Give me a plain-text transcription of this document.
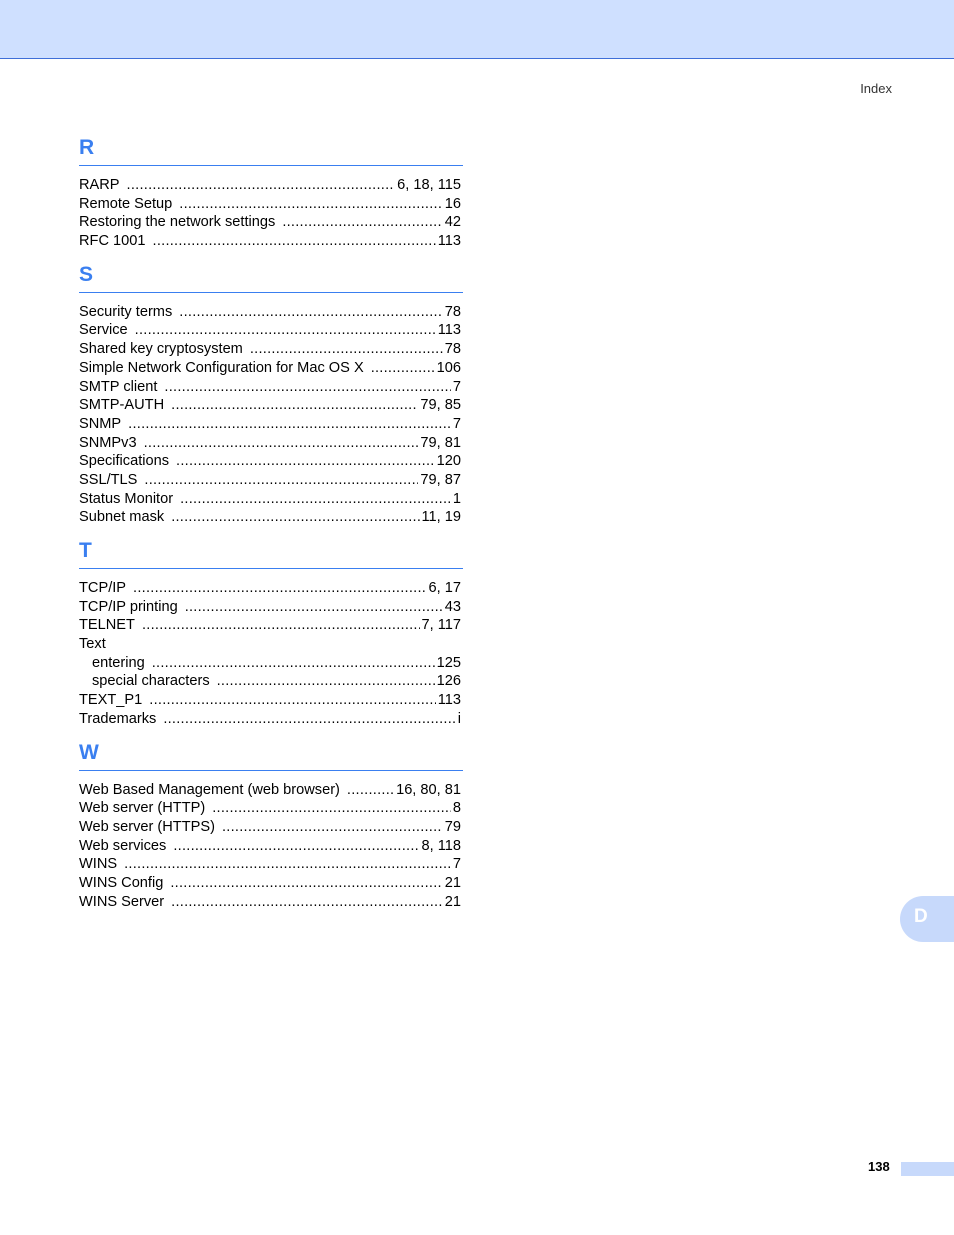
Index
R
RARP . . .	6, 18, 115
Remote Setup . . .	16
Restoring the network settings . . .	42
RFC 1001 . . .	113
S
Security terms . . .	78
Service . . .	113
Shared key cryptosystem . . .	78
Simple Network Configuration for Mac OS X . . .	106
SMTP client . . .	7
SMTP-AUTH . . .	79, 85
SNMP . . .	7
SNMPv3 . . .	79, 81
Specifications . . .	120
SSL/TLS . . .	79, 87
Status Monitor . . .	1
Subnet mask . . .	11, 19
T
TCP/IP . . .	6, 17
TCP/IP printing . . .	43
TELNET . . .	7, 117
Text
entering . . .	125
special characters . . .	126
TEXT_P1 . . .	113
Trademarks . . .	i
W
Web Based Management (web browser) . . .	16, 80, 81
Web server (HTTP) . . .	8
Web server (HTTPS) . . .	79
Web services . . .	8, 118
WINS . . .	7
WINS Config . . .	21
WINS Server . . .	21
D
138
